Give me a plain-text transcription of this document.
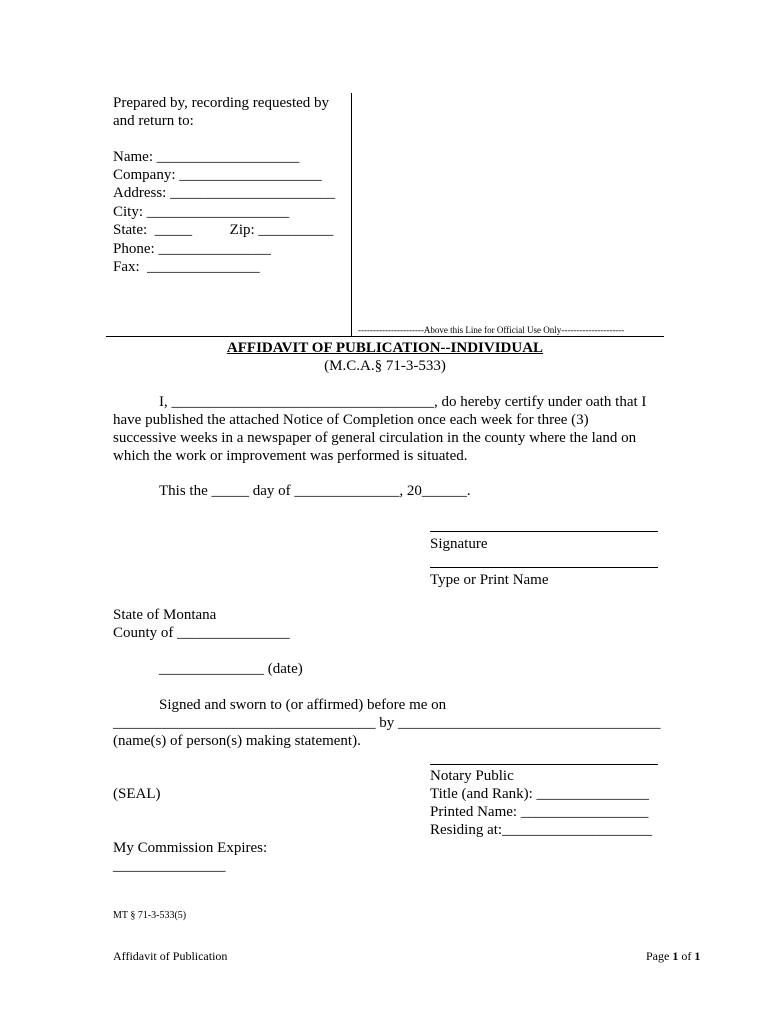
Prepared by, recording requested by
and return to:
Name: ___________________
Company: ___________________
Address: ______________________
City: ___________________
State:  _____          Zip: __________
Phone: _______________
Fax:  _______________
----------------------Above this Line for Official Use Only---------------------
AFFIDAVIT OF PUBLICATION--INDIVIDUAL
(M.C.A.§ 71-3-533)
I, ___________________________________, do hereby certify under oath that I have published the attached Notice of Completion once each week for three (3) successive weeks in a newspaper of general circulation in the county where the land on which the work or improvement was performed is situated.
This the _____ day of ______________, 20______.
Signature
Type or Print Name
State of Montana
County of _______________
______________ (date)
Signed and sworn to (or affirmed) before me on
___________________________________ by ___________________________________
(name(s) of person(s) making statement).
Notary Public
(SEAL)	Title (and Rank): _______________
Printed Name: _________________
Residing at:____________________
My Commission Expires:
_______________
MT § 71-3-533(5)
Affidavit of Publication	Page 1 of 1
